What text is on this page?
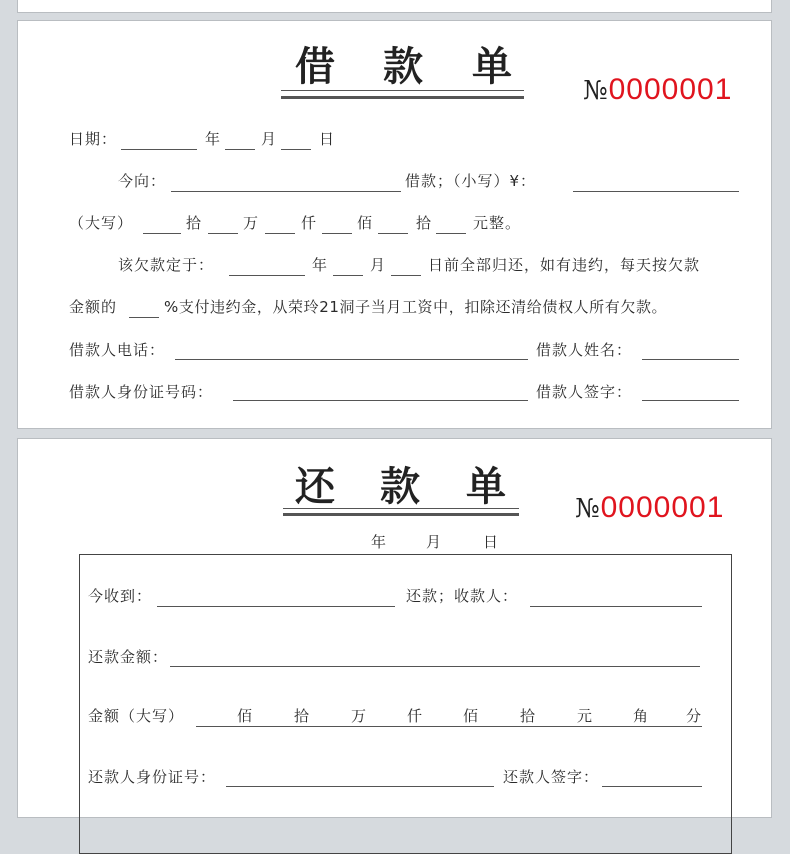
借 款 单
№0000001
日期：	年	月	日
今向：	借款；（小写）¥：
（大写）	拾	万	仟	佰	拾	元整。
该欠款定于：	年	月	日前全部归还，如有违约，每天按欠款
金额的	%支付违约金，从荣玲21洞子当月工资中，扣除还清给债权人所有欠款。
借款人电话：	借款人姓名：
借款人身份证号码：	借款人签字：
还 款 单	№0000001
年	月	日
今收到：	还款；收款人：
还款金额：
金额（大写）	佰	拾	万	仟	佰	拾	元	角 分
还款人身份证号：	还款人签字：
